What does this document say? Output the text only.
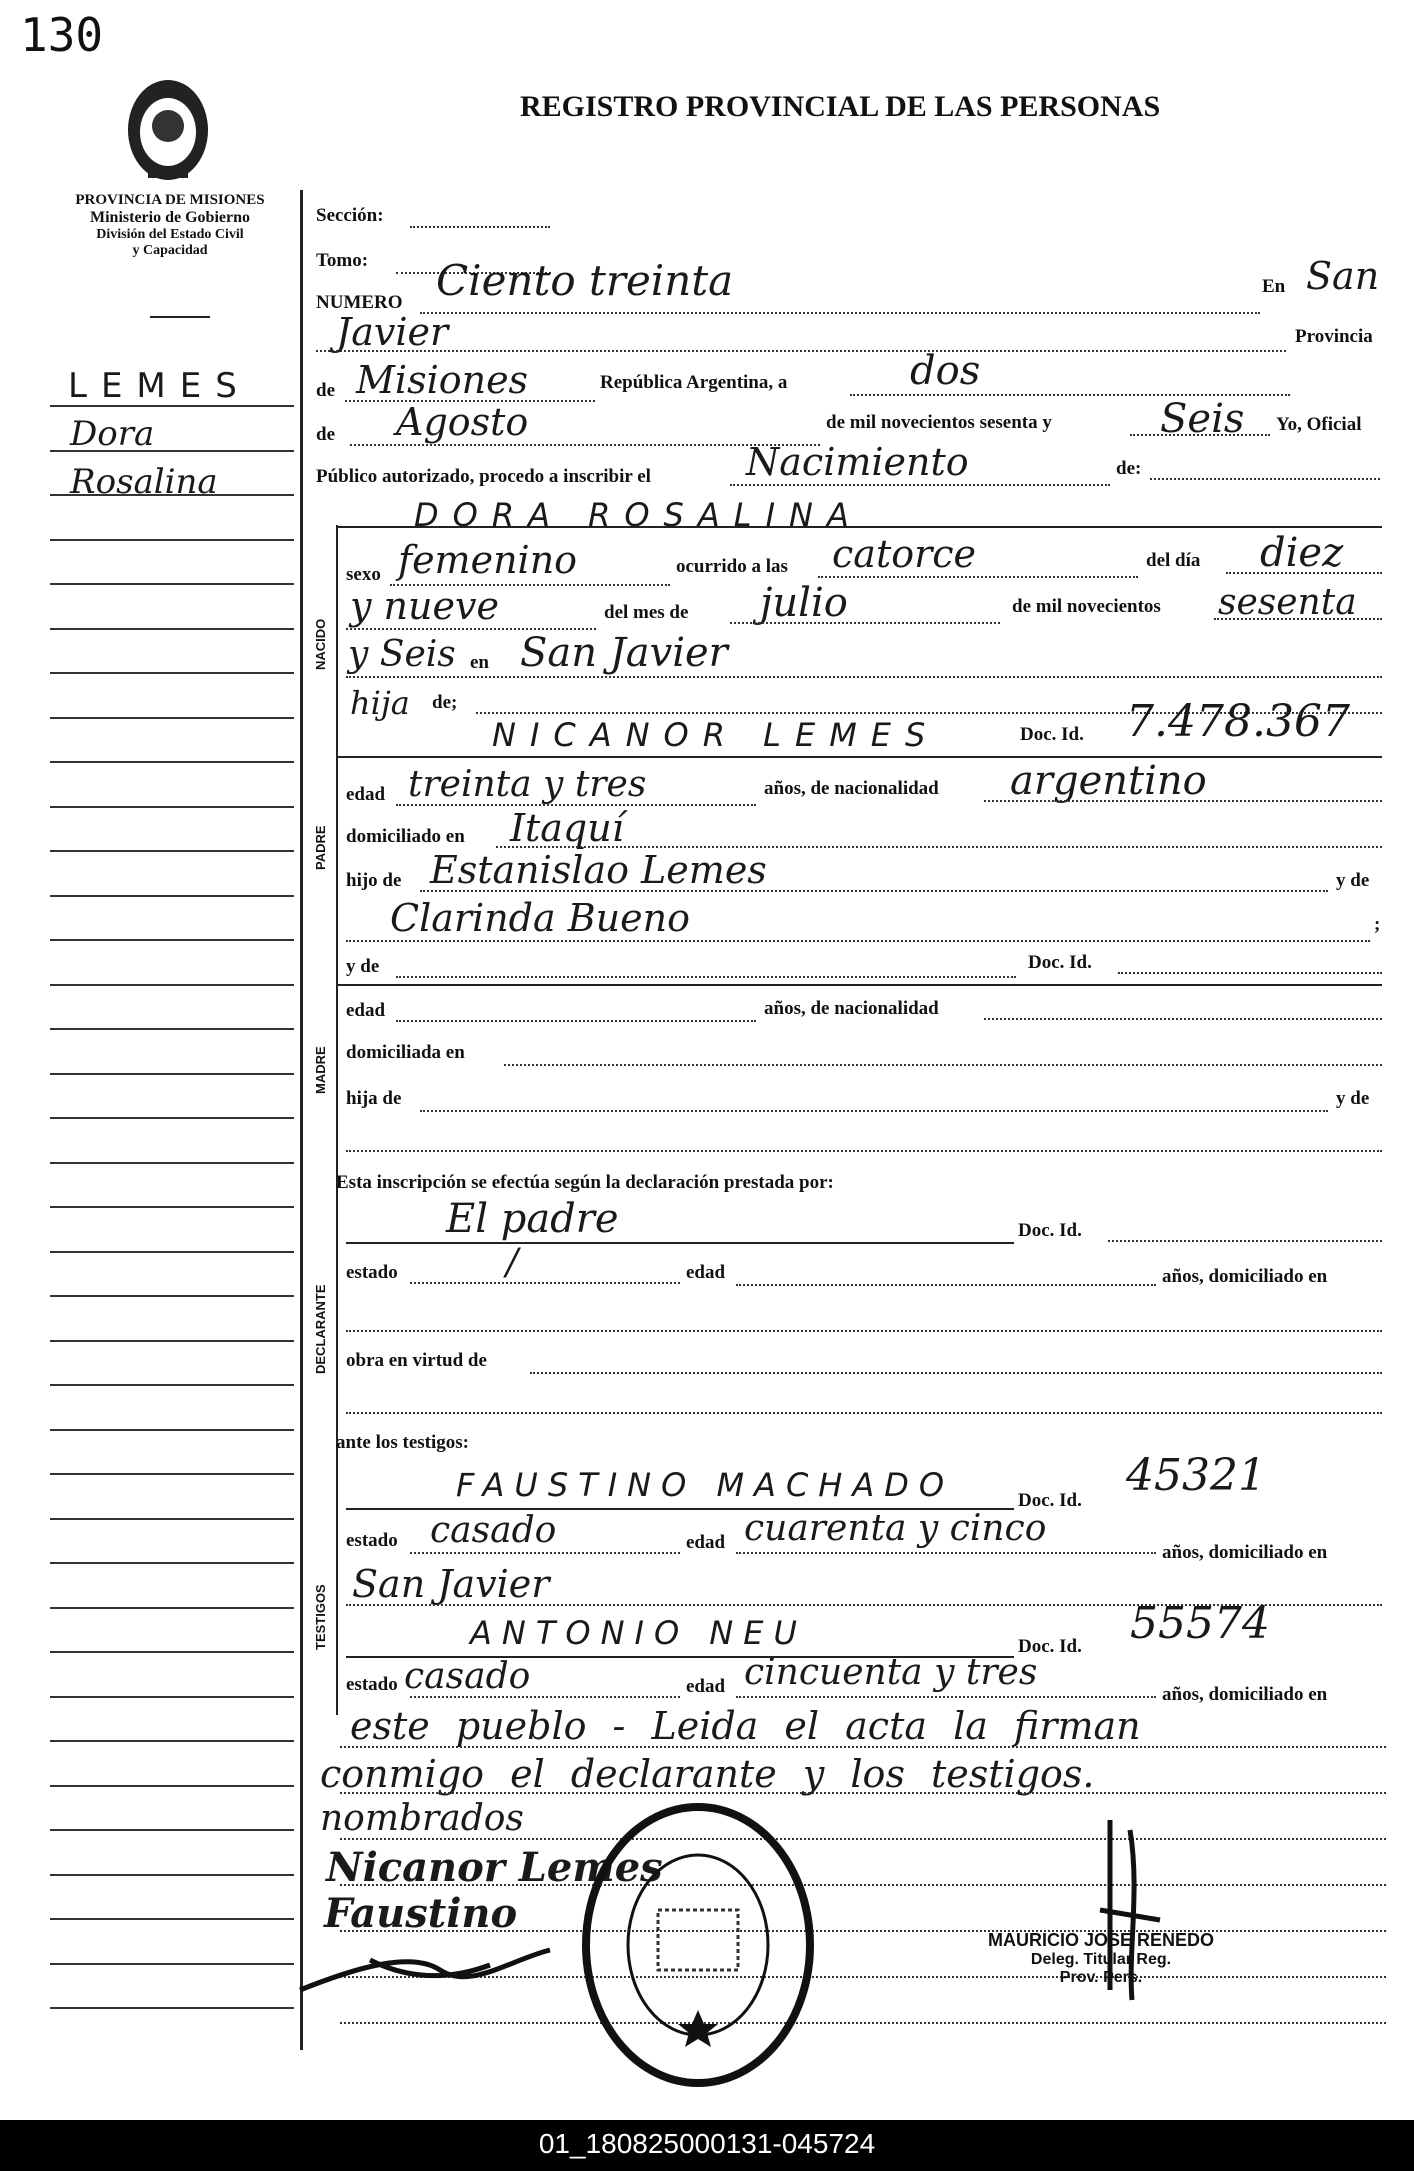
130
REGISTRO PROVINCIAL DE LAS PERSONAS
PROVINCIA DE MISIONES
Ministerio de Gobierno
División del Estado Civil
y Capacidad
LEMES
Dora
Rosalina
Sección:
Tomo:
NUMERO Ciento treinta	En San
Javier	Provincia
de Misiones	República Argentina, a	dos
de Agosto	de mil novecientos sesenta y	Seis Yo, Oficial
Público autorizado, procedo a inscribir el	Nacimiento	de:
DORA ROSALINA
NACIDO
sexo femenino	ocurrido a las catorce	del día diez
y nueve	del mes de julio	de mil novecientos sesenta
y Seis en San Javier
hija de;
PADRE
NICANOR LEMES	Doc. Id. 7.478.367
edad treinta y tres	años, de nacionalidad argentino
domiciliado en Itaquí
hijo de Estanislao Lemes	y de
Clarinda Bueno	;
MADRE
y de	Doc. Id.
edad	años, de nacionalidad
domiciliada en
hija de	y de
Esta inscripción se efectúa según la declaración prestada por:
DECLARANTE
El padre	Doc. Id.
estado	/	edad	años, domiciliado en
obra en virtud de
ante los testigos:
TESTIGOS
FAUSTINO MACHADO	Doc. Id. 45321
estado casado	edad cuarenta y cinco
años, domiciliado en
San Javier
ANTONIO NEU	Doc. Id. 55574
estado casado	edad cincuenta y tres
años, domiciliado en
este pueblo - Leida el acta la firman
conmigo el declarante y los testigos.
nombrados
Nicanor Lemes
Faustino
MAURICIO JOSE RENEDO
Deleg. Titular Reg.
Prov. Pers.
01_180825000131-045724
